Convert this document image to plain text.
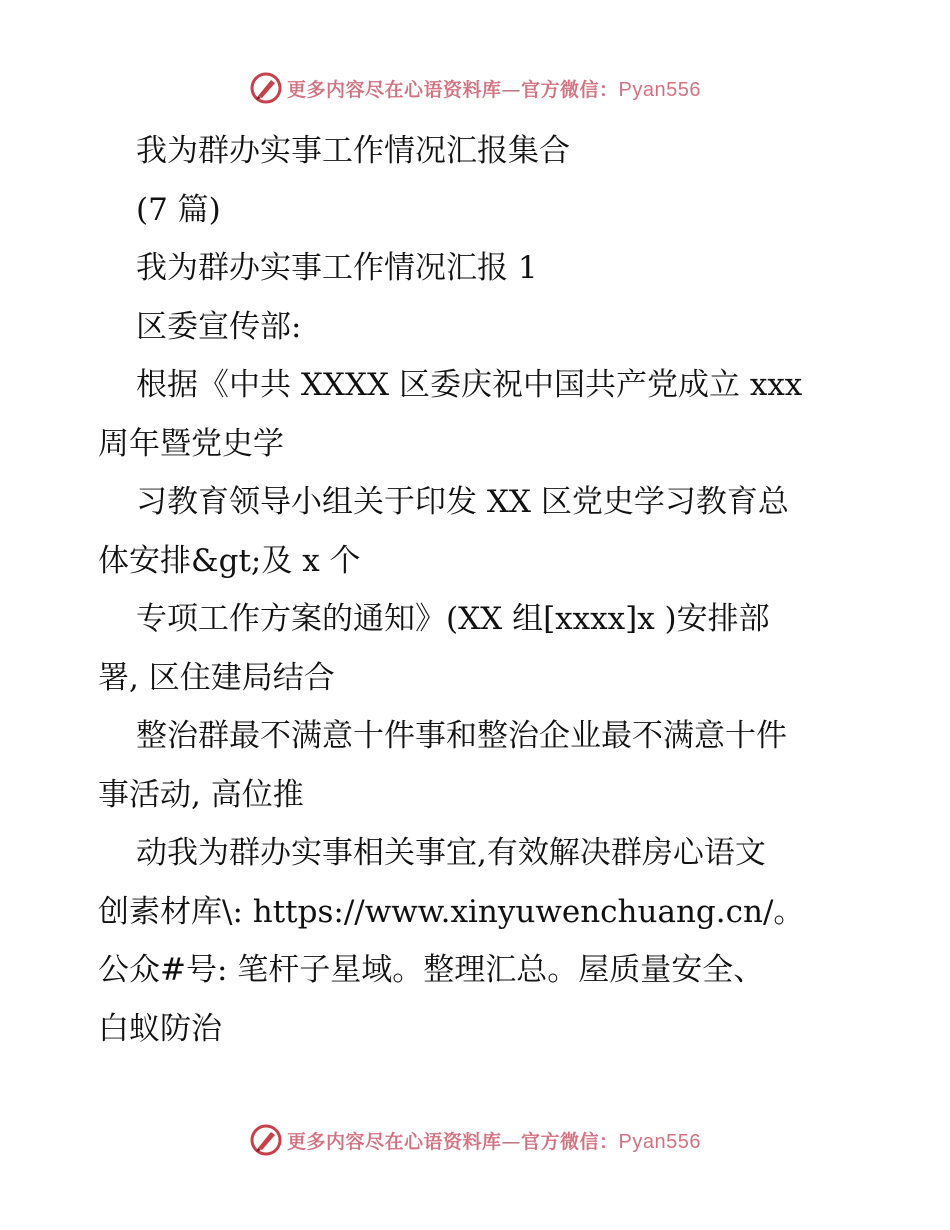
更多内容尽在心语资料库—官方微信：Pyan556

我为群办实事工作情况汇报集合

(7 篇)

我为群办实事工作情况汇报 1

区委宣传部:

根据《中共 XXXX 区委庆祝中国共产党成立 xxx

周年暨党史学

习教育领导小组关于印发 XX 区党史学习教育总

体安排&gt;及 x 个

专项工作方案的通知》(XX 组[xxxx]x )安排部

署, 区住建局结合

整治群最不满意十件事和整治企业最不满意十件

事活动, 高位推

动我为群办实事相关事宜,有效解决群房心语文

创素材库\: https://www.xinyuwenchuang.cn/。

公众#号: 笔杆子星域。整理汇总。屋质量安全、

白蚁防治

更多内容尽在心语资料库—官方微信：Pyan556
